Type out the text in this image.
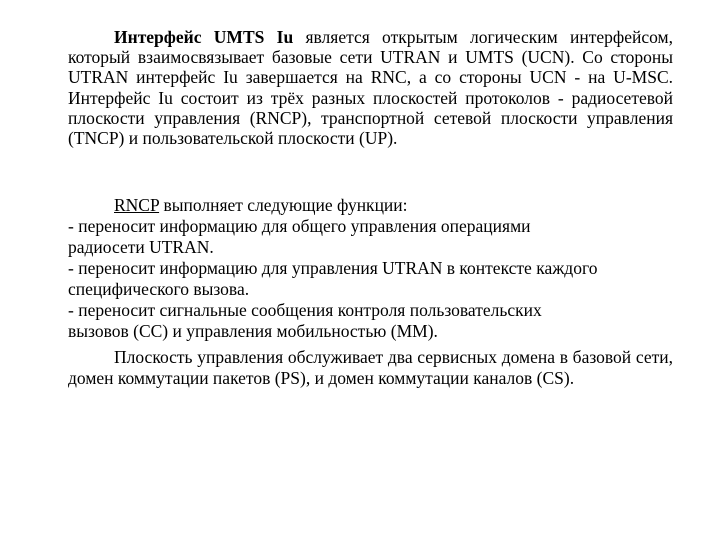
Интерфейс UMTS Iu является открытым логическим интерфейсом, который взаимосвязывает базовые сети UTRAN и UMTS (UCN). Со стороны UTRAN интерфейс Iu завершается на RNC, а со стороны UCN - на U-MSC. Интерфейс Iu состоит из трёх разных плоскостей протоколов - радиосетевой плоскости управления (RNCP), транспортной сетевой плоскости управления (TNCP) и пользовательской плоскости (UP).

RNCP выполняет следующие функции:
- переносит информацию для общего управления операциями
радиосети UTRAN.
- переносит информацию для управления UTRAN в контексте каждого
специфического вызова.
- переносит сигнальные сообщения контроля пользовательских
вызовов (CC) и управления мобильностью (MM).

Плоскость управления обслуживает два сервисных домена в базовой сети, домен коммутации пакетов (PS), и домен коммутации каналов (CS).
